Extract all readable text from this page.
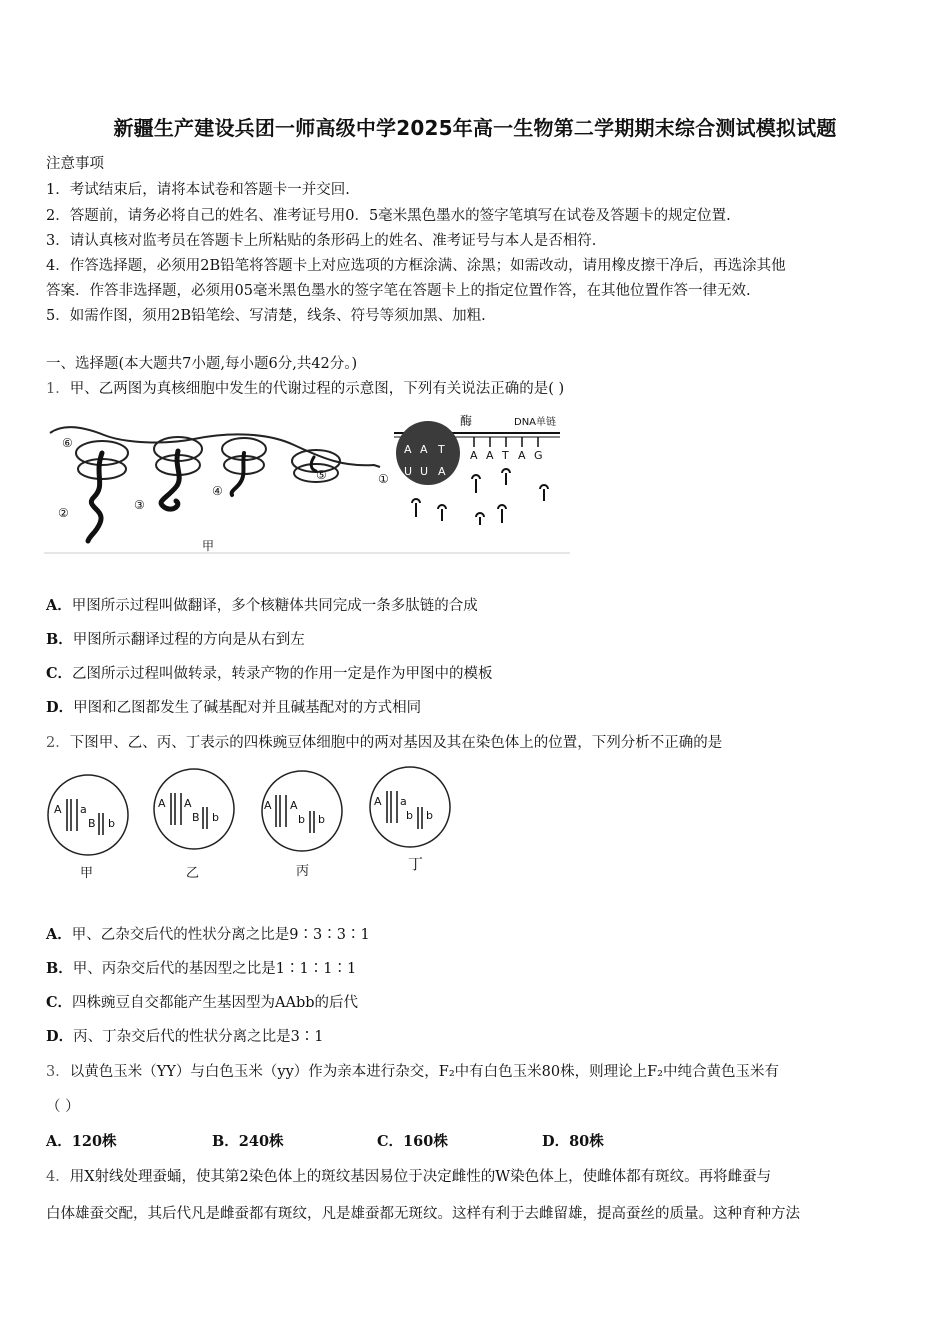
新疆生产建设兵团一师高级中学2025年高一生物第二学期期末综合测试模拟试题
注意事项
1．考试结束后，请将本试卷和答题卡一并交回.
2．答题前，请务必将自己的姓名、准考证号用0．5毫米黑色墨水的签字笔填写在试卷及答题卡的规定位置.
3．请认真核对监考员在答题卡上所粘贴的条形码上的姓名、准考证号与本人是否相符.
4．作答选择题，必须用2B铅笔将答题卡上对应选项的方框涂满、涂黑；如需改动，请用橡皮擦干净后，再选涂其他
答案．作答非选择题，必须用05毫米黑色墨水的签字笔在答题卡上的指定位置作答，在其他位置作答一律无效.
5．如需作图，须用2B铅笔绘、写清楚，线条、符号等须加黑、加粗.
一、选择题(本大题共7小题,每小题6分,共42分。)
1．甲、乙两图为真核细胞中发生的代谢过程的示意图，下列有关说法正确的是( )
⑥
②
③
④
⑤	①
甲
酶	DNA单链
A A T
U U A
A A T A G
A．甲图所示过程叫做翻译，多个核糖体共同完成一条多肽链的合成
B．甲图所示翻译过程的方向是从右到左
C．乙图所示过程叫做转录，转录产物的作用一定是作为甲图中的模板
D．甲图和乙图都发生了碱基配对并且碱基配对的方式相同
2．下图甲、乙、丙、丁表示的四株豌豆体细胞中的两对基因及其在染色体上的位置，下列分析不正确的是
A a
B b
甲
A A
B b
乙
A A
b b
丙
A a
b b
丁
A．甲、乙杂交后代的性状分离之比是9∶3∶3∶1
B．甲、丙杂交后代的基因型之比是1∶1∶1∶1
C．四株豌豆自交都能产生基因型为AAbb的后代
D．丙、丁杂交后代的性状分离之比是3∶1
3．以黄色玉米（YY）与白色玉米（yy）作为亲本进行杂交，F₂中有白色玉米80株，则理论上F₂中纯合黄色玉米有
（ ）
A．120株	B．240株	C．160株	D．80株
4．用X射线处理蚕蛹，使其第2染色体上的斑纹基因易位于决定雌性的W染色体上，使雌体都有斑纹。再将雌蚕与
白体雄蚕交配，其后代凡是雌蚕都有斑纹，凡是雄蚕都无斑纹。这样有利于去雌留雄，提高蚕丝的质量。这种育种方法
